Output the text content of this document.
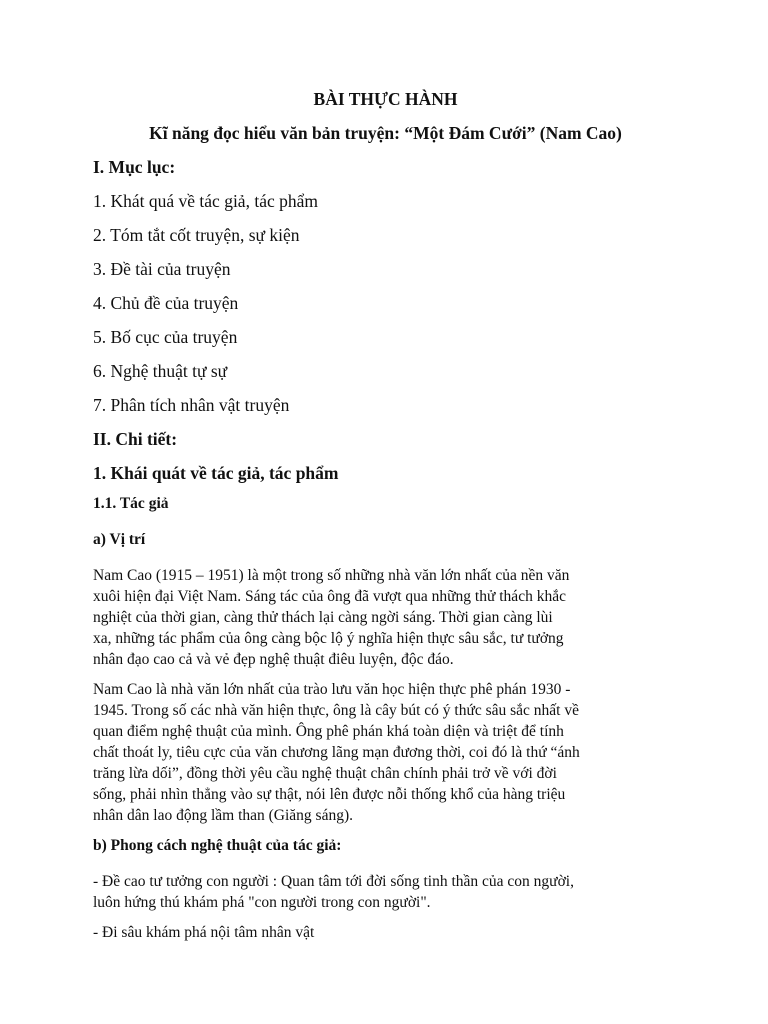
BÀI THỰC HÀNH
Kĩ năng đọc hiểu văn bản truyện: “Một Đám Cưới” (Nam Cao)
I. Mục lục:
1. Khát quá về tác giả, tác phẩm
2. Tóm tắt cốt truyện, sự kiện
3. Đề tài của truyện
4. Chủ đề của truyện
5. Bố cục của truyện
6. Nghệ thuật tự sự
7. Phân tích nhân vật truyện
II. Chi tiết:
1. Khái quát về tác giả, tác phẩm
1.1. Tác giả
a) Vị trí
Nam Cao (1915 – 1951) là một trong số những nhà văn lớn nhất của nền văn
xuôi hiện đại Việt Nam. Sáng tác của ông đã vượt qua những thử thách khắc
nghiệt của thời gian, càng thử thách lại càng ngời sáng. Thời gian càng lùi
xa, những tác phẩm của ông càng bộc lộ ý nghĩa hiện thực sâu sắc, tư tưởng
nhân đạo cao cả và vẻ đẹp nghệ thuật điêu luyện, độc đáo.
Nam Cao là nhà văn lớn nhất của trào lưu văn học hiện thực phê phán 1930 -
1945. Trong số các nhà văn hiện thực, ông là cây bút có ý thức sâu sắc nhất về
quan điểm nghệ thuật của mình. Ông phê phán khá toàn diện và triệt để tính
chất thoát ly, tiêu cực của văn chương lãng mạn đương thời, coi đó là thứ “ánh
trăng lừa dối”, đồng thời yêu cầu nghệ thuật chân chính phải trở về với đời
sống, phải nhìn thẳng vào sự thật, nói lên được nỗi thống khổ của hàng triệu
nhân dân lao động lầm than (Giăng sáng).
b) Phong cách nghệ thuật của tác giả:
- Đề cao tư tưởng con người : Quan tâm tới đời sống tinh thần của con người,
luôn hứng thú khám phá "con người trong con người".
- Đi sâu khám phá nội tâm nhân vật
